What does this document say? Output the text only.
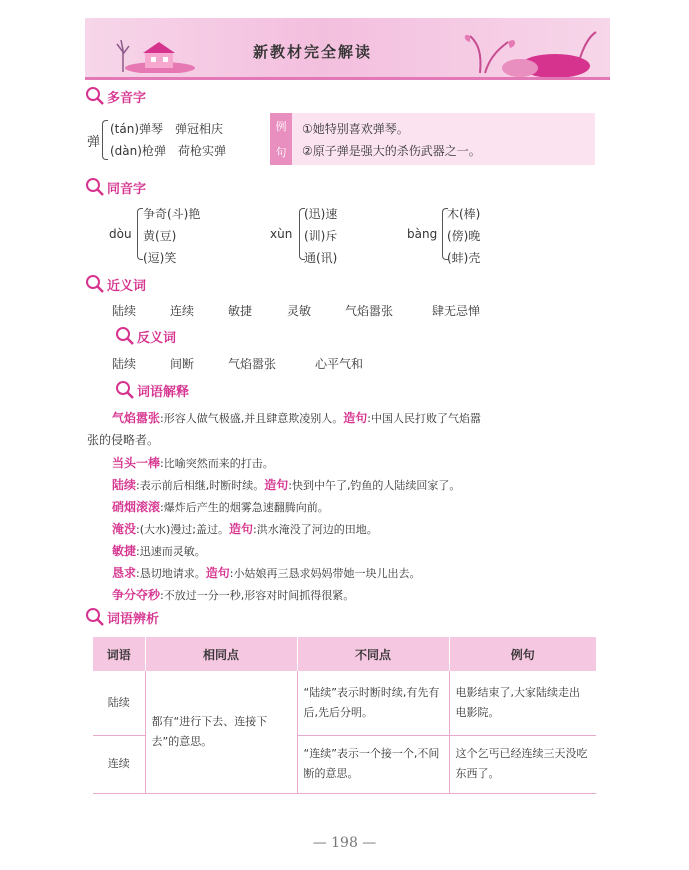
新教材完全解读
多音字
弹
(tán)弹琴　弹冠相庆
(dàn)枪弹　荷枪实弹
例
句
①她特别喜欢弹琴。
②原子弹是强大的杀伤武器之一。
同音字
dòu
争奇(斗)艳
黄(豆)
(逗)笑
xùn
(迅)速
(训)斥
通(讯)
bàng
木(棒)
(傍)晚
(蚌)壳
近义词
陆续	连续	敏捷	灵敏	气焰嚣张	肆无忌惮
反义词
陆续	间断	气焰嚣张	心平气和
词语解释
气焰嚣张:形容人做气极盛,并且肆意欺凌别人。造句:中国人民打败了气焰嚣
张的侵略者。
当头一棒:比喻突然而来的打击。
陆续:表示前后相继,时断时续。造句:快到中午了,钓鱼的人陆续回家了。
硝烟滚滚:爆炸后产生的烟雾急速翻腾向前。
淹没:(大水)漫过;盖过。造句:洪水淹没了河边的田地。
敏捷:迅速而灵敏。
恳求:恳切地请求。造句:小姑娘再三恳求妈妈带她一块儿出去。
争分夺秒:不放过一分一秒,形容对时间抓得很紧。
词语辨析
词语	相同点	不同点	例句
陆续	都有“进行下去、连接下去”的意思。	“陆续”表示时断时续,有先有后,先后分明。	电影结束了,大家陆续走出电影院。
连续		“连续”表示一个接一个,不间断的意思。	这个乞丐已经连续三天没吃东西了。
— 198 —
